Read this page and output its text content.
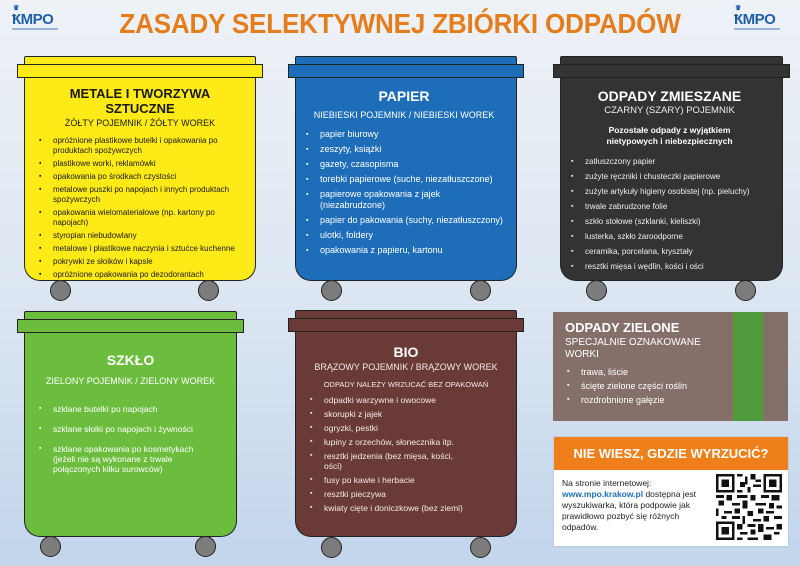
♛
ҞMPO ZASADY SELEKTYWNEJ ZBIÓRKI ODPADÓW	♛
ҞMPO
METALE I TWORZYWA SZTUCZNE
ŻÓŁTY POJEMNIK / ŻÓŁTY WOREK
▪ opróżnione plastikowe butelki i opakowania po produktach spożywczych
▪ plastikowe worki, reklamówki
▪ opakowania po środkach czystości
▪ metalowe puszki po napojach i innych produktach spożywczych
▪ opakowania wielomateriałowe (np. kartony po napojach)
▪ styropian niebudowlany
▪ metalowe i plastikowe naczynia i sztućce kuchenne
▪ pokrywki ze słoików i kapsle
▪ opróżnione opakowania po dezodorantach
PAPIER
NIEBIESKI POJEMNIK / NIEBIESKI WOREK
▪ papier biurowy
▪ zeszyty, książki
▪ gazety, czasopisma
▪ torebki papierowe (suche, niezatłuszczone)
▪ papierowe opakowania z jajek (niezabrudzone)
▪ papier do pakowania (suchy, niezatłuszczony)
▪ ulotki, foldery
▪ opakowania z papieru, kartonu
ODPADY ZMIESZANE
CZARNY (SZARY) POJEMNIK
Pozostałe odpady z wyjątkiem nietypowych i niebezpiecznych
▪ zatłuszczony papier
▪ zużyte ręczniki i chusteczki papierowe
▪ zużyte artykuły higieny osobistej (np. pieluchy)
▪ trwale zabrudzone folie
▪ szkło stołowe (szklanki, kieliszki)
▪ lusterka, szkło żaroodporne
▪ ceramika, porcelana, kryształy
▪ resztki mięsa i wędlin, kości i ości
SZKŁO
ZIELONY POJEMNIK / ZIELONY WOREK
▪ szklane butelki po napojach
▪ szklane słoiki po napojach i żywności
▪ szklane opakowania po kosmetykach (jeżeli nie są wykonane z trwale połączonych kilku surowców)
BIO
BRĄZOWY POJEMNIK / BRĄZOWY WOREK
ODPADY NALEŻY WRZUCAĆ BEZ OPAKOWAŃ
▪ odpadki warzywne i owocowe
▪ skorupki z jajek
▪ ogryzki, pestki
▪ łupiny z orzechów, słonecznika itp.
▪ resztki jedzenia (bez mięsa, kości, ości)
▪ fusy po kawie i herbacie
▪ resztki pieczywa
▪ kwiaty cięte i doniczkowe (bez ziemi)
ODPADY ZIELONE
SPECJALNIE OZNAKOWANE WORKI
▪ trawa, liście
▪ ścięte zielone części roślin
▪ rozdrobnione gałęzie
NIE WIESZ, GDZIE WYRZUCIĆ?
Na stronie internetowej:
www.mpo.krakow.pl dostępna jest wyszukiwarka, która podpowie jak prawidłowo pozbyć się różnych odpadów.
